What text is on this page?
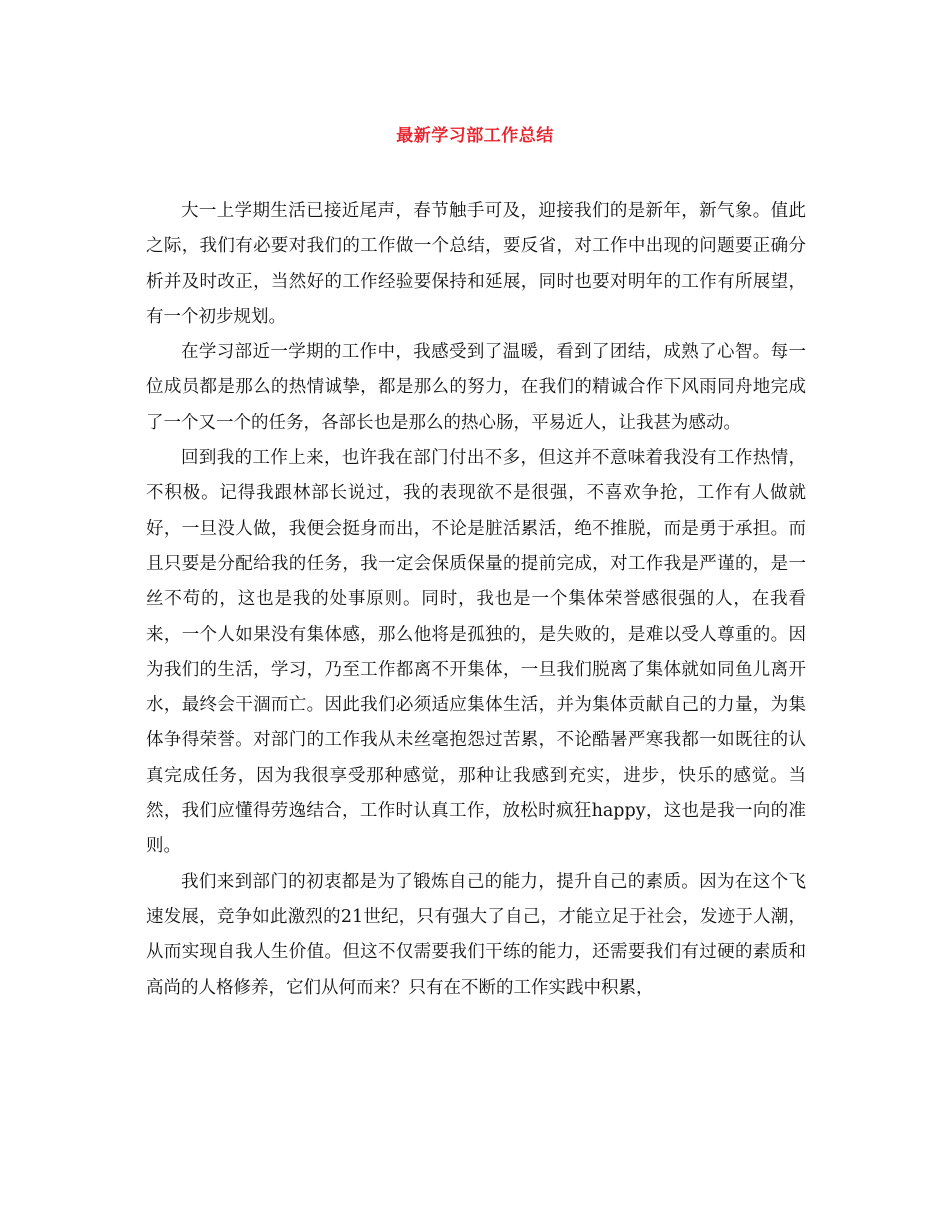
最新学习部工作总结

大一上学期生活已接近尾声，春节触手可及，迎接我们的是新年，新气象。值此之际，我们有必要对我们的工作做一个总结，要反省，对工作中出现的问题要正确分析并及时改正，当然好的工作经验要保持和延展，同时也要对明年的工作有所展望，有一个初步规划。

在学习部近一学期的工作中，我感受到了温暖，看到了团结，成熟了心智。每一位成员都是那么的热情诚挚，都是那么的努力，在我们的精诚合作下风雨同舟地完成了一个又一个的任务，各部长也是那么的热心肠，平易近人，让我甚为感动。

回到我的工作上来，也许我在部门付出不多，但这并不意味着我没有工作热情，不积极。记得我跟林部长说过，我的表现欲不是很强，不喜欢争抢，工作有人做就好，一旦没人做，我便会挺身而出，不论是脏活累活，绝不推脱，而是勇于承担。而且只要是分配给我的任务，我一定会保质保量的提前完成，对工作我是严谨的，是一丝不苟的，这也是我的处事原则。同时，我也是一个集体荣誉感很强的人，在我看来，一个人如果没有集体感，那么他将是孤独的，是失败的，是难以受人尊重的。因为我们的生活，学习，乃至工作都离不开集体，一旦我们脱离了集体就如同鱼儿离开水，最终会干涸而亡。因此我们必须适应集体生活，并为集体贡献自己的力量，为集体争得荣誉。对部门的工作我从未丝毫抱怨过苦累，不论酷暑严寒我都一如既往的认真完成任务，因为我很享受那种感觉，那种让我感到充实，进步，快乐的感觉。当然，我们应懂得劳逸结合，工作时认真工作，放松时疯狂happy，这也是我一向的准则。

我们来到部门的初衷都是为了锻炼自己的能力，提升自己的素质。因为在这个飞速发展，竞争如此激烈的21世纪，只有强大了自己，才能立足于社会，发迹于人潮，从而实现自我人生价值。但这不仅需要我们干练的能力，还需要我们有过硬的素质和高尚的人格修养，它们从何而来？只有在不断的工作实践中积累，
